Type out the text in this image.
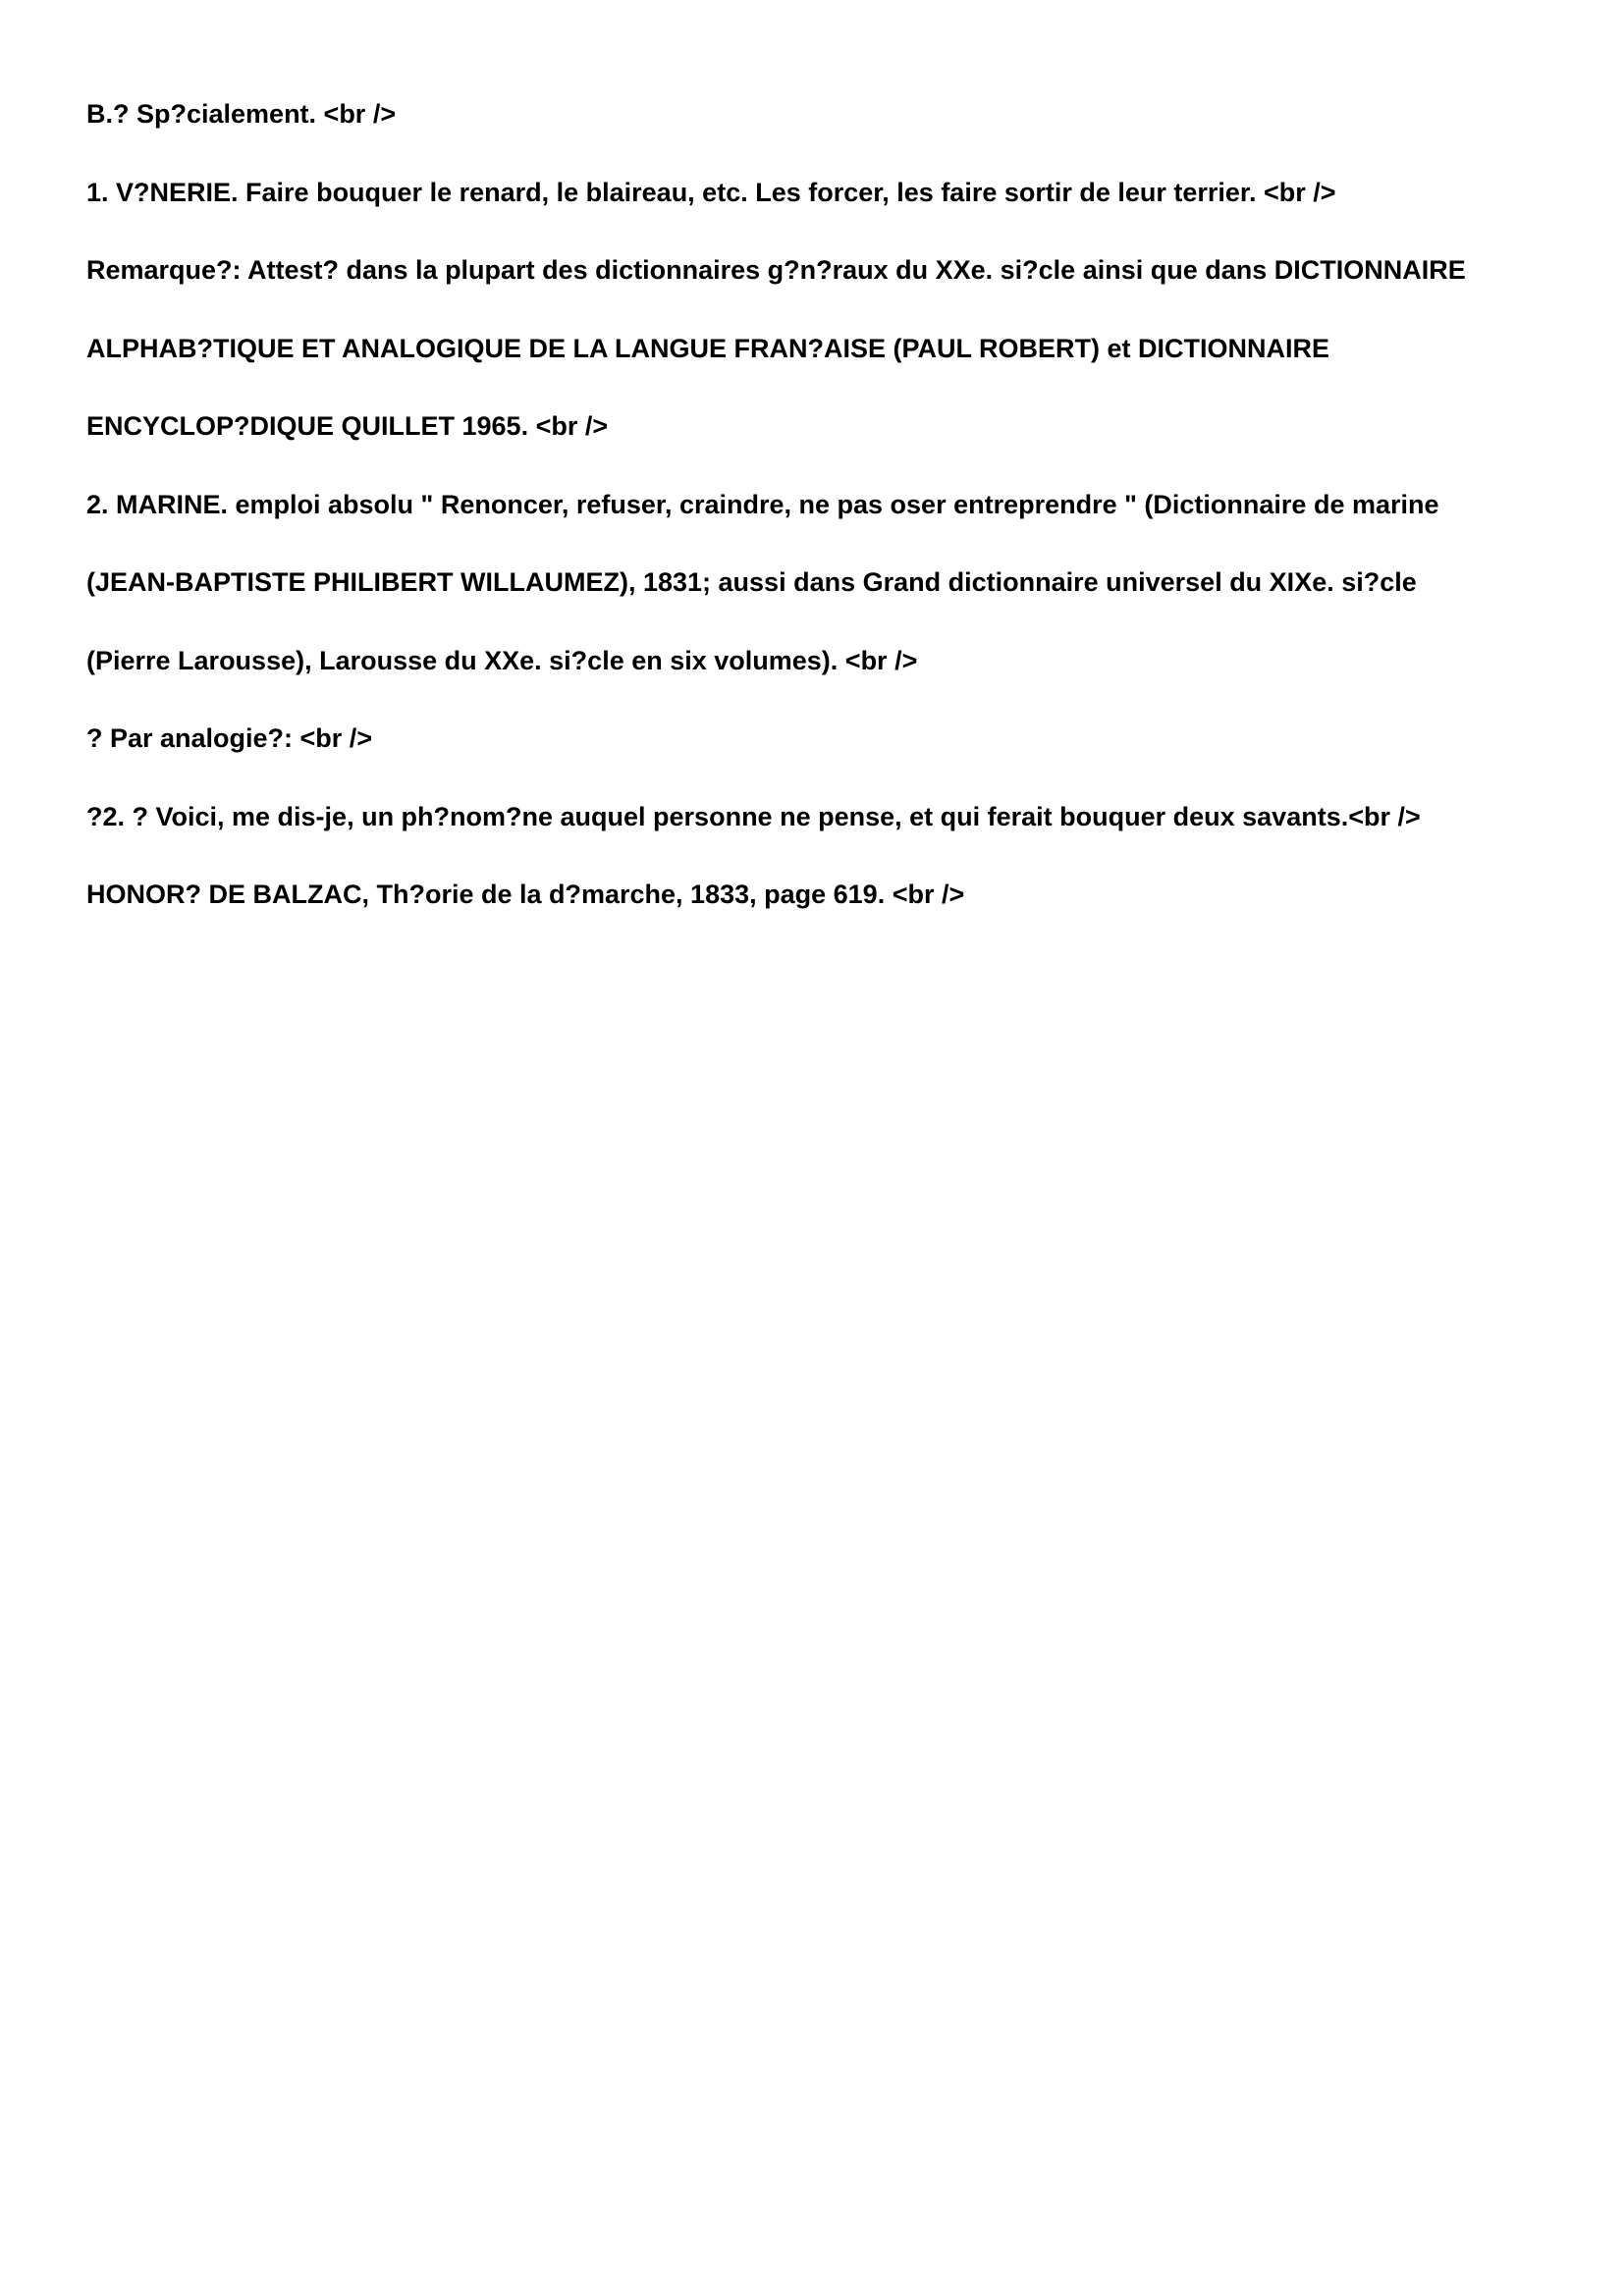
B.? Sp?cialement. <br />

1. V?NERIE. Faire bouquer le renard, le blaireau, etc. Les forcer, les faire sortir de leur terrier. <br />

Remarque?: Attest? dans la plupart des dictionnaires g?n?raux du XXe. si?cle ainsi que dans DICTIONNAIRE

ALPHAB?TIQUE ET ANALOGIQUE DE LA LANGUE FRAN?AISE (PAUL ROBERT) et DICTIONNAIRE

ENCYCLOP?DIQUE QUILLET 1965. <br />

2. MARINE. emploi absolu " Renoncer, refuser, craindre, ne pas oser entreprendre " (Dictionnaire de marine

(JEAN-BAPTISTE PHILIBERT WILLAUMEZ), 1831; aussi dans Grand dictionnaire universel du XIXe. si?cle

(Pierre Larousse), Larousse du XXe. si?cle en six volumes). <br />

? Par analogie?: <br />

?2. ? Voici, me dis-je, un ph?nom?ne auquel personne ne pense, et qui ferait bouquer deux savants.<br />

HONOR? DE BALZAC, Th?orie de la d?marche, 1833, page 619. <br />
